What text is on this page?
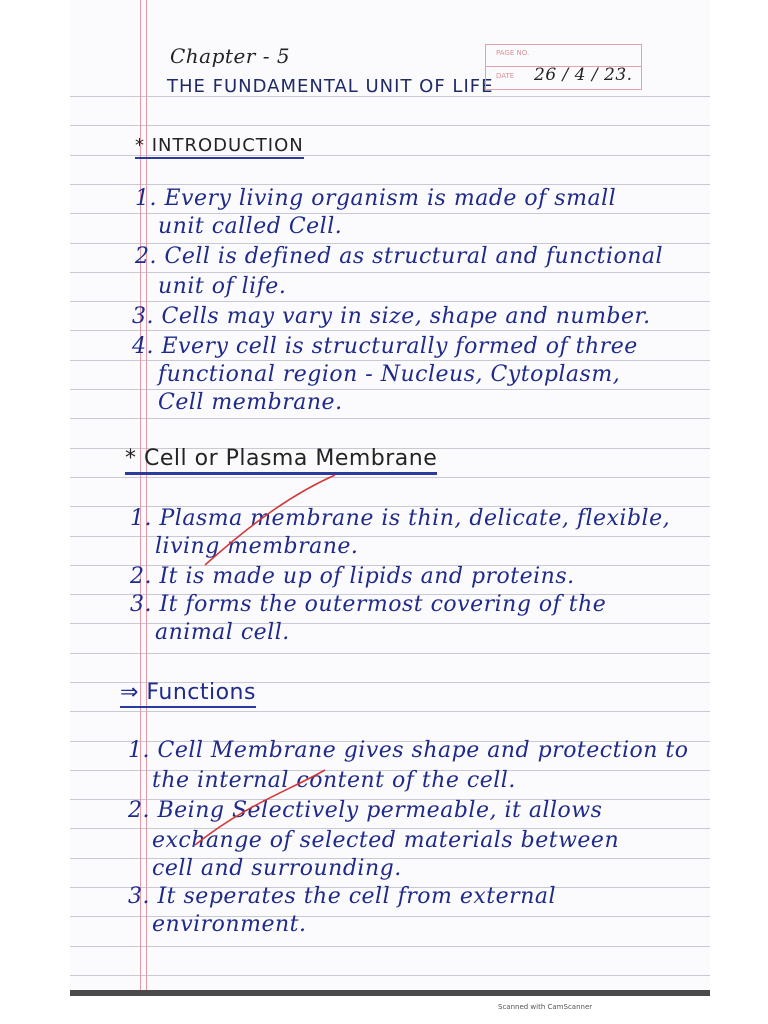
Chapter - 5
THE FUNDAMENTAL UNIT OF LIFE
PAGE NO.
DATE 26 / 4 / 23.
* INTRODUCTION
1. Every living organism is made of small
unit called Cell.
2. Cell is defined as structural and functional
unit of life.
3. Cells may vary in size, shape and number.
4. Every cell is structurally formed of three
functional region - Nucleus, Cytoplasm,
Cell membrane.
* Cell or Plasma Membrane
1. Plasma membrane is thin, delicate, flexible,
living membrane.
2. It is made up of lipids and proteins.
3. It forms the outermost covering of the
animal cell.
⇒ Functions
1. Cell Membrane gives shape and protection to
the internal content of the cell.
2. Being Selectively permeable, it allows
exchange of selected materials between
cell and surrounding.
3. It seperates the cell from external
environment.
Scanned with CamScanner
